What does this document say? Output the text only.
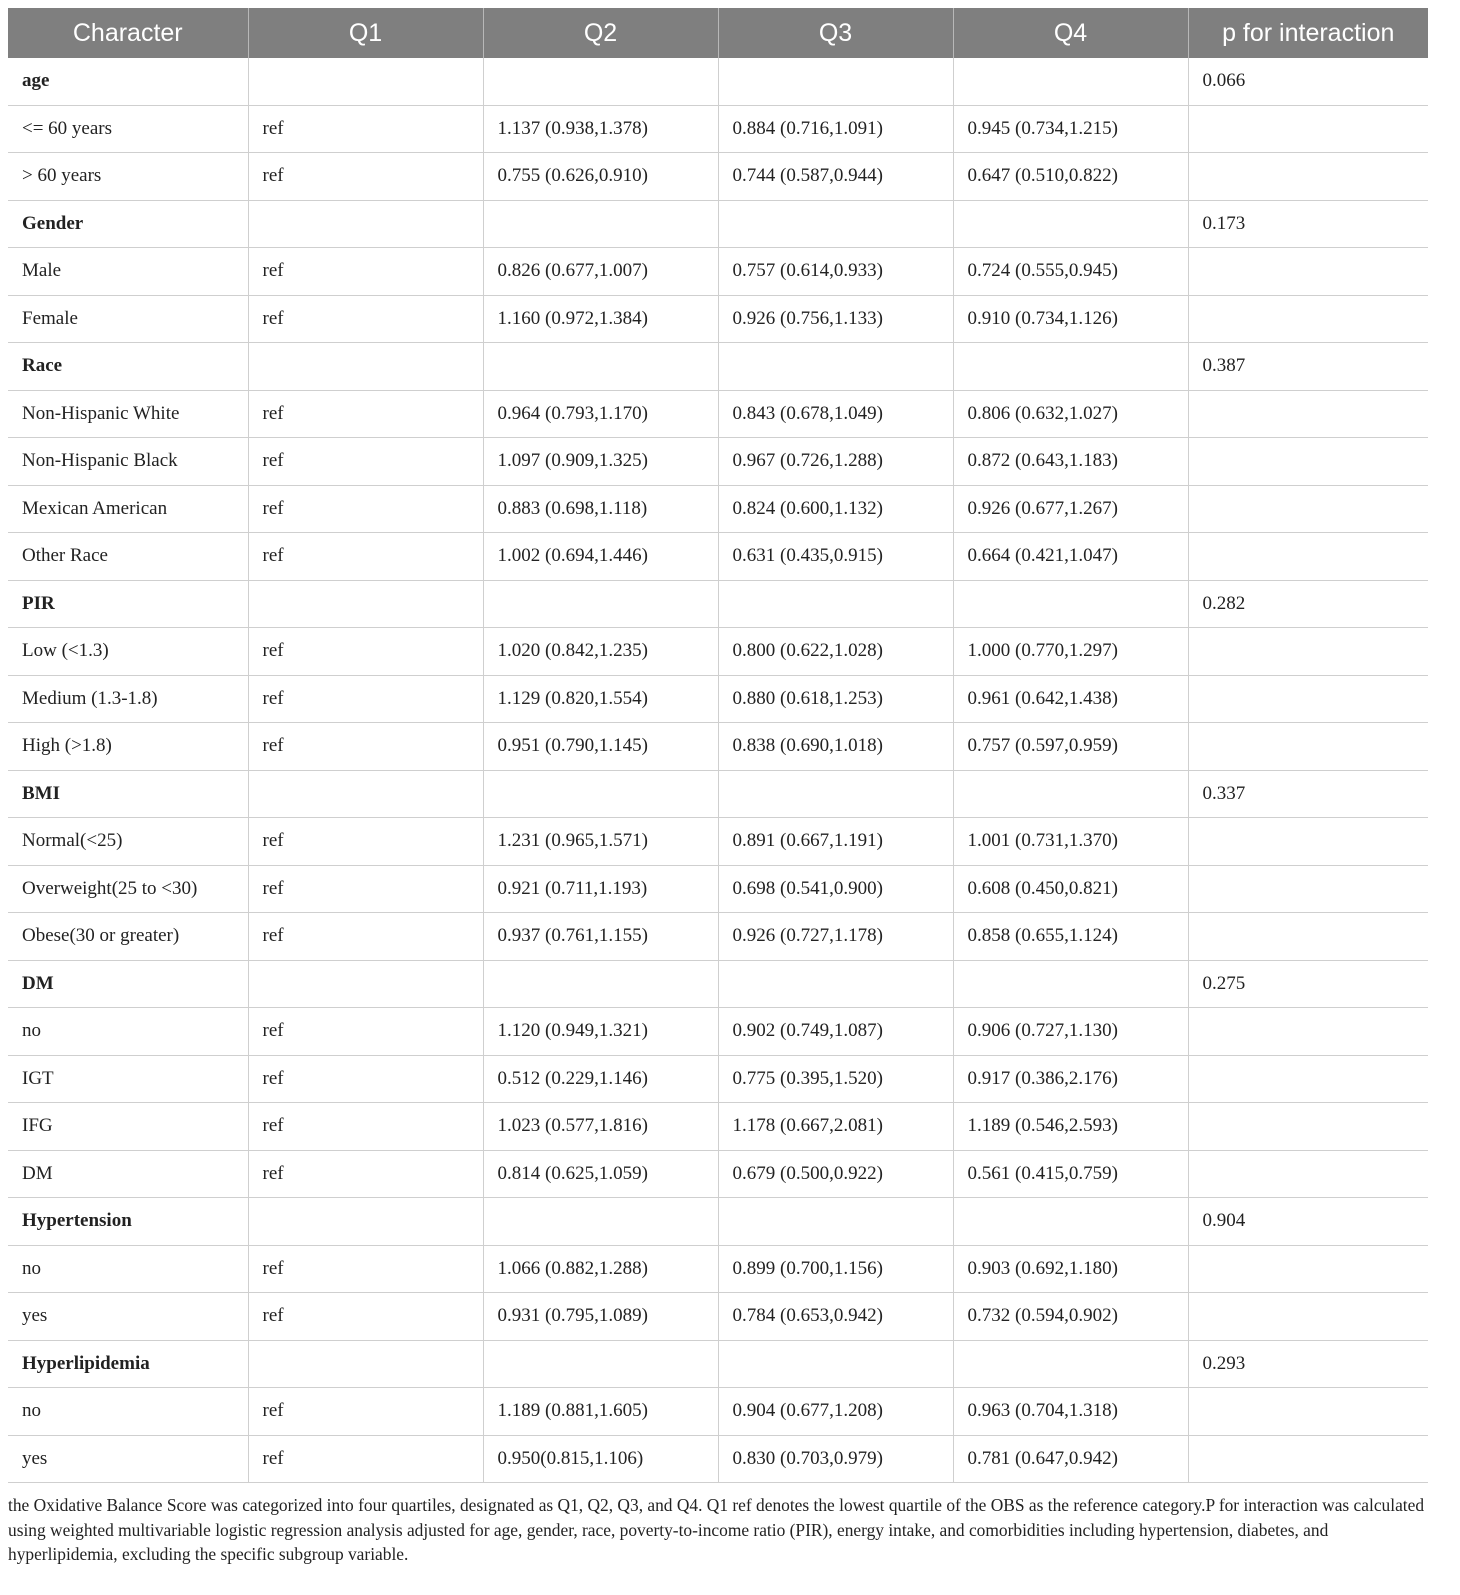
Character	Q1	Q2	Q3	Q4	p for interaction
age					0.066
<= 60 years	ref	1.137 (0.938,1.378)	0.884 (0.716,1.091)	0.945 (0.734,1.215)	
> 60 years	ref	0.755 (0.626,0.910)	0.744 (0.587,0.944)	0.647 (0.510,0.822)	
Gender					0.173
Male	ref	0.826 (0.677,1.007)	0.757 (0.614,0.933)	0.724 (0.555,0.945)	
Female	ref	1.160 (0.972,1.384)	0.926 (0.756,1.133)	0.910 (0.734,1.126)	
Race					0.387
Non-Hispanic White	ref	0.964 (0.793,1.170)	0.843 (0.678,1.049)	0.806 (0.632,1.027)	
Non-Hispanic Black	ref	1.097 (0.909,1.325)	0.967 (0.726,1.288)	0.872 (0.643,1.183)	
Mexican American	ref	0.883 (0.698,1.118)	0.824 (0.600,1.132)	0.926 (0.677,1.267)	
Other Race	ref	1.002 (0.694,1.446)	0.631 (0.435,0.915)	0.664 (0.421,1.047)	
PIR					0.282
Low (<1.3)	ref	1.020 (0.842,1.235)	0.800 (0.622,1.028)	1.000 (0.770,1.297)	
Medium (1.3-1.8)	ref	1.129 (0.820,1.554)	0.880 (0.618,1.253)	0.961 (0.642,1.438)	
High (>1.8)	ref	0.951 (0.790,1.145)	0.838 (0.690,1.018)	0.757 (0.597,0.959)	
BMI					0.337
Normal(<25)	ref	1.231 (0.965,1.571)	0.891 (0.667,1.191)	1.001 (0.731,1.370)	
Overweight(25 to <30)	ref	0.921 (0.711,1.193)	0.698 (0.541,0.900)	0.608 (0.450,0.821)	
Obese(30 or greater)	ref	0.937 (0.761,1.155)	0.926 (0.727,1.178)	0.858 (0.655,1.124)	
DM					0.275
no	ref	1.120 (0.949,1.321)	0.902 (0.749,1.087)	0.906 (0.727,1.130)	
IGT	ref	0.512 (0.229,1.146)	0.775 (0.395,1.520)	0.917 (0.386,2.176)	
IFG	ref	1.023 (0.577,1.816)	1.178 (0.667,2.081)	1.189 (0.546,2.593)	
DM	ref	0.814 (0.625,1.059)	0.679 (0.500,0.922)	0.561 (0.415,0.759)	
Hypertension					0.904
no	ref	1.066 (0.882,1.288)	0.899 (0.700,1.156)	0.903 (0.692,1.180)	
yes	ref	0.931 (0.795,1.089)	0.784 (0.653,0.942)	0.732 (0.594,0.902)	
Hyperlipidemia					0.293
no	ref	1.189 (0.881,1.605)	0.904 (0.677,1.208)	0.963 (0.704,1.318)	
yes	ref	0.950(0.815,1.106)	0.830 (0.703,0.979)	0.781 (0.647,0.942)	
the Oxidative Balance Score was categorized into four quartiles, designated as Q1, Q2, Q3, and Q4. Q1 ref denotes the lowest quartile of the OBS as the reference category.P for interaction was calculated using weighted multivariable logistic regression analysis adjusted for age, gender, race, poverty-to-income ratio (PIR), energy intake, and comorbidities including hypertension, diabetes, and hyperlipidemia, excluding the specific subgroup variable.
